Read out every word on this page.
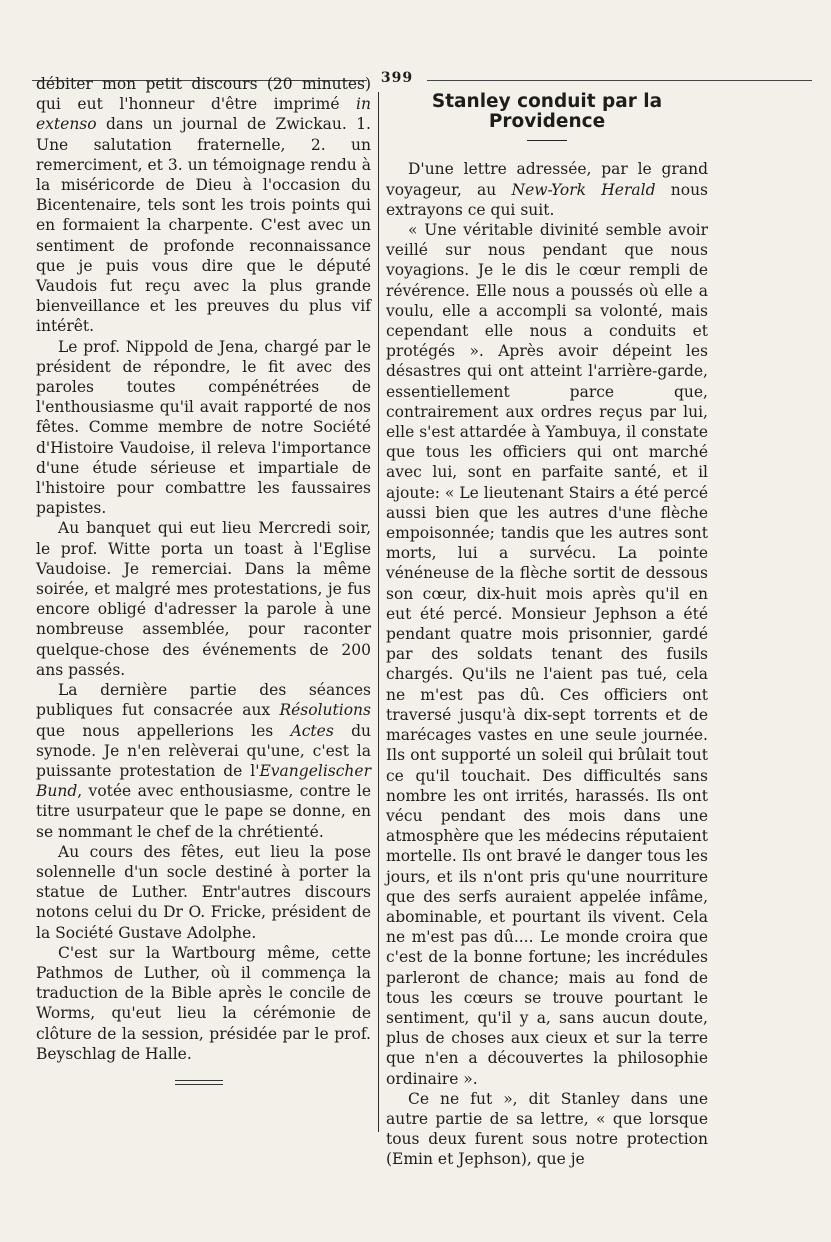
399

débiter mon petit discours (20 minutes) qui eut l'honneur d'être imprimé in extenso dans un journal de Zwickau. 1. Une salutation fraternelle, 2. un remerciment, et 3. un témoignage rendu à la miséricorde de Dieu à l'occasion du Bicentenaire, tels sont les trois points qui en formaient la charpente. C'est avec un sentiment de profonde reconnaissance que je puis vous dire que le député Vaudois fut reçu avec la plus grande bienveillance et les preuves du plus vif intérêt.

Le prof. Nippold de Jena, chargé par le président de répondre, le fit avec des paroles toutes compénétrées de l'enthousiasme qu'il avait rapporté de nos fêtes. Comme membre de notre Société d'Histoire Vaudoise, il releva l'importance d'une étude sérieuse et impartiale de l'histoire pour combattre les faussaires papistes.

Au banquet qui eut lieu Mercredi soir, le prof. Witte porta un toast à l'Eglise Vaudoise. Je remerciai. Dans la même soirée, et malgré mes protestations, je fus encore obligé d'adresser la parole à une nombreuse assemblée, pour raconter quelque-chose des événements de 200 ans passés.

La dernière partie des séances publiques fut consacrée aux Résolutions que nous appellerions les Actes du synode. Je n'en relèverai qu'une, c'est la puissante protestation de l'Evangelischer Bund, votée avec enthousiasme, contre le titre usurpateur que le pape se donne, en se nommant le chef de la chrétienté.

Au cours des fêtes, eut lieu la pose solennelle d'un socle destiné à porter la statue de Luther. Entr'autres discours notons celui du Dr O. Fricke, président de la Société Gustave Adolphe.

C'est sur la Wartbourg même, cette Pathmos de Luther, où il commença la traduction de la Bible après le concile de Worms, qu'eut lieu la cérémonie de clôture de la session, présidée par le prof. Beyschlag de Halle.

Stanley conduit par la Providence

D'une lettre adressée, par le grand voyageur, au New-York Herald nous extrayons ce qui suit.

« Une véritable divinité semble avoir veillé sur nous pendant que nous voyagions. Je le dis le cœur rempli de révérence. Elle nous a poussés où elle a voulu, elle a accompli sa volonté, mais cependant elle nous a conduits et protégés ». Après avoir dépeint les désastres qui ont atteint l'arrière-garde, essentiellement parce que, contrairement aux ordres reçus par lui, elle s'est attardée à Yambuya, il constate que tous les officiers qui ont marché avec lui, sont en parfaite santé, et il ajoute: « Le lieutenant Stairs a été percé aussi bien que les autres d'une flèche empoisonnée; tandis que les autres sont morts, lui a survécu. La pointe vénéneuse de la flèche sortit de dessous son cœur, dix-huit mois après qu'il en eut été percé. Monsieur Jephson a été pendant quatre mois prisonnier, gardé par des soldats tenant des fusils chargés. Qu'ils ne l'aient pas tué, cela ne m'est pas dû. Ces officiers ont traversé jusqu'à dix-sept torrents et de marécages vastes en une seule journée. Ils ont supporté un soleil qui brûlait tout ce qu'il touchait. Des difficultés sans nombre les ont irrités, harassés. Ils ont vécu pendant des mois dans une atmosphère que les médecins réputaient mortelle. Ils ont bravé le danger tous les jours, et ils n'ont pris qu'une nourriture que des serfs auraient appelée infâme, abominable, et pourtant ils vivent. Cela ne m'est pas dû.... Le monde croira que c'est de la bonne fortune; les incrédules parleront de chance; mais au fond de tous les cœurs se trouve pourtant le sentiment, qu'il y a, sans aucun doute, plus de choses aux cieux et sur la terre que n'en a découvertes la philosophie ordinaire ».

Ce ne fut », dit Stanley dans une autre partie de sa lettre, « que lorsque tous deux furent sous notre protection (Emin et Jephson), que je
